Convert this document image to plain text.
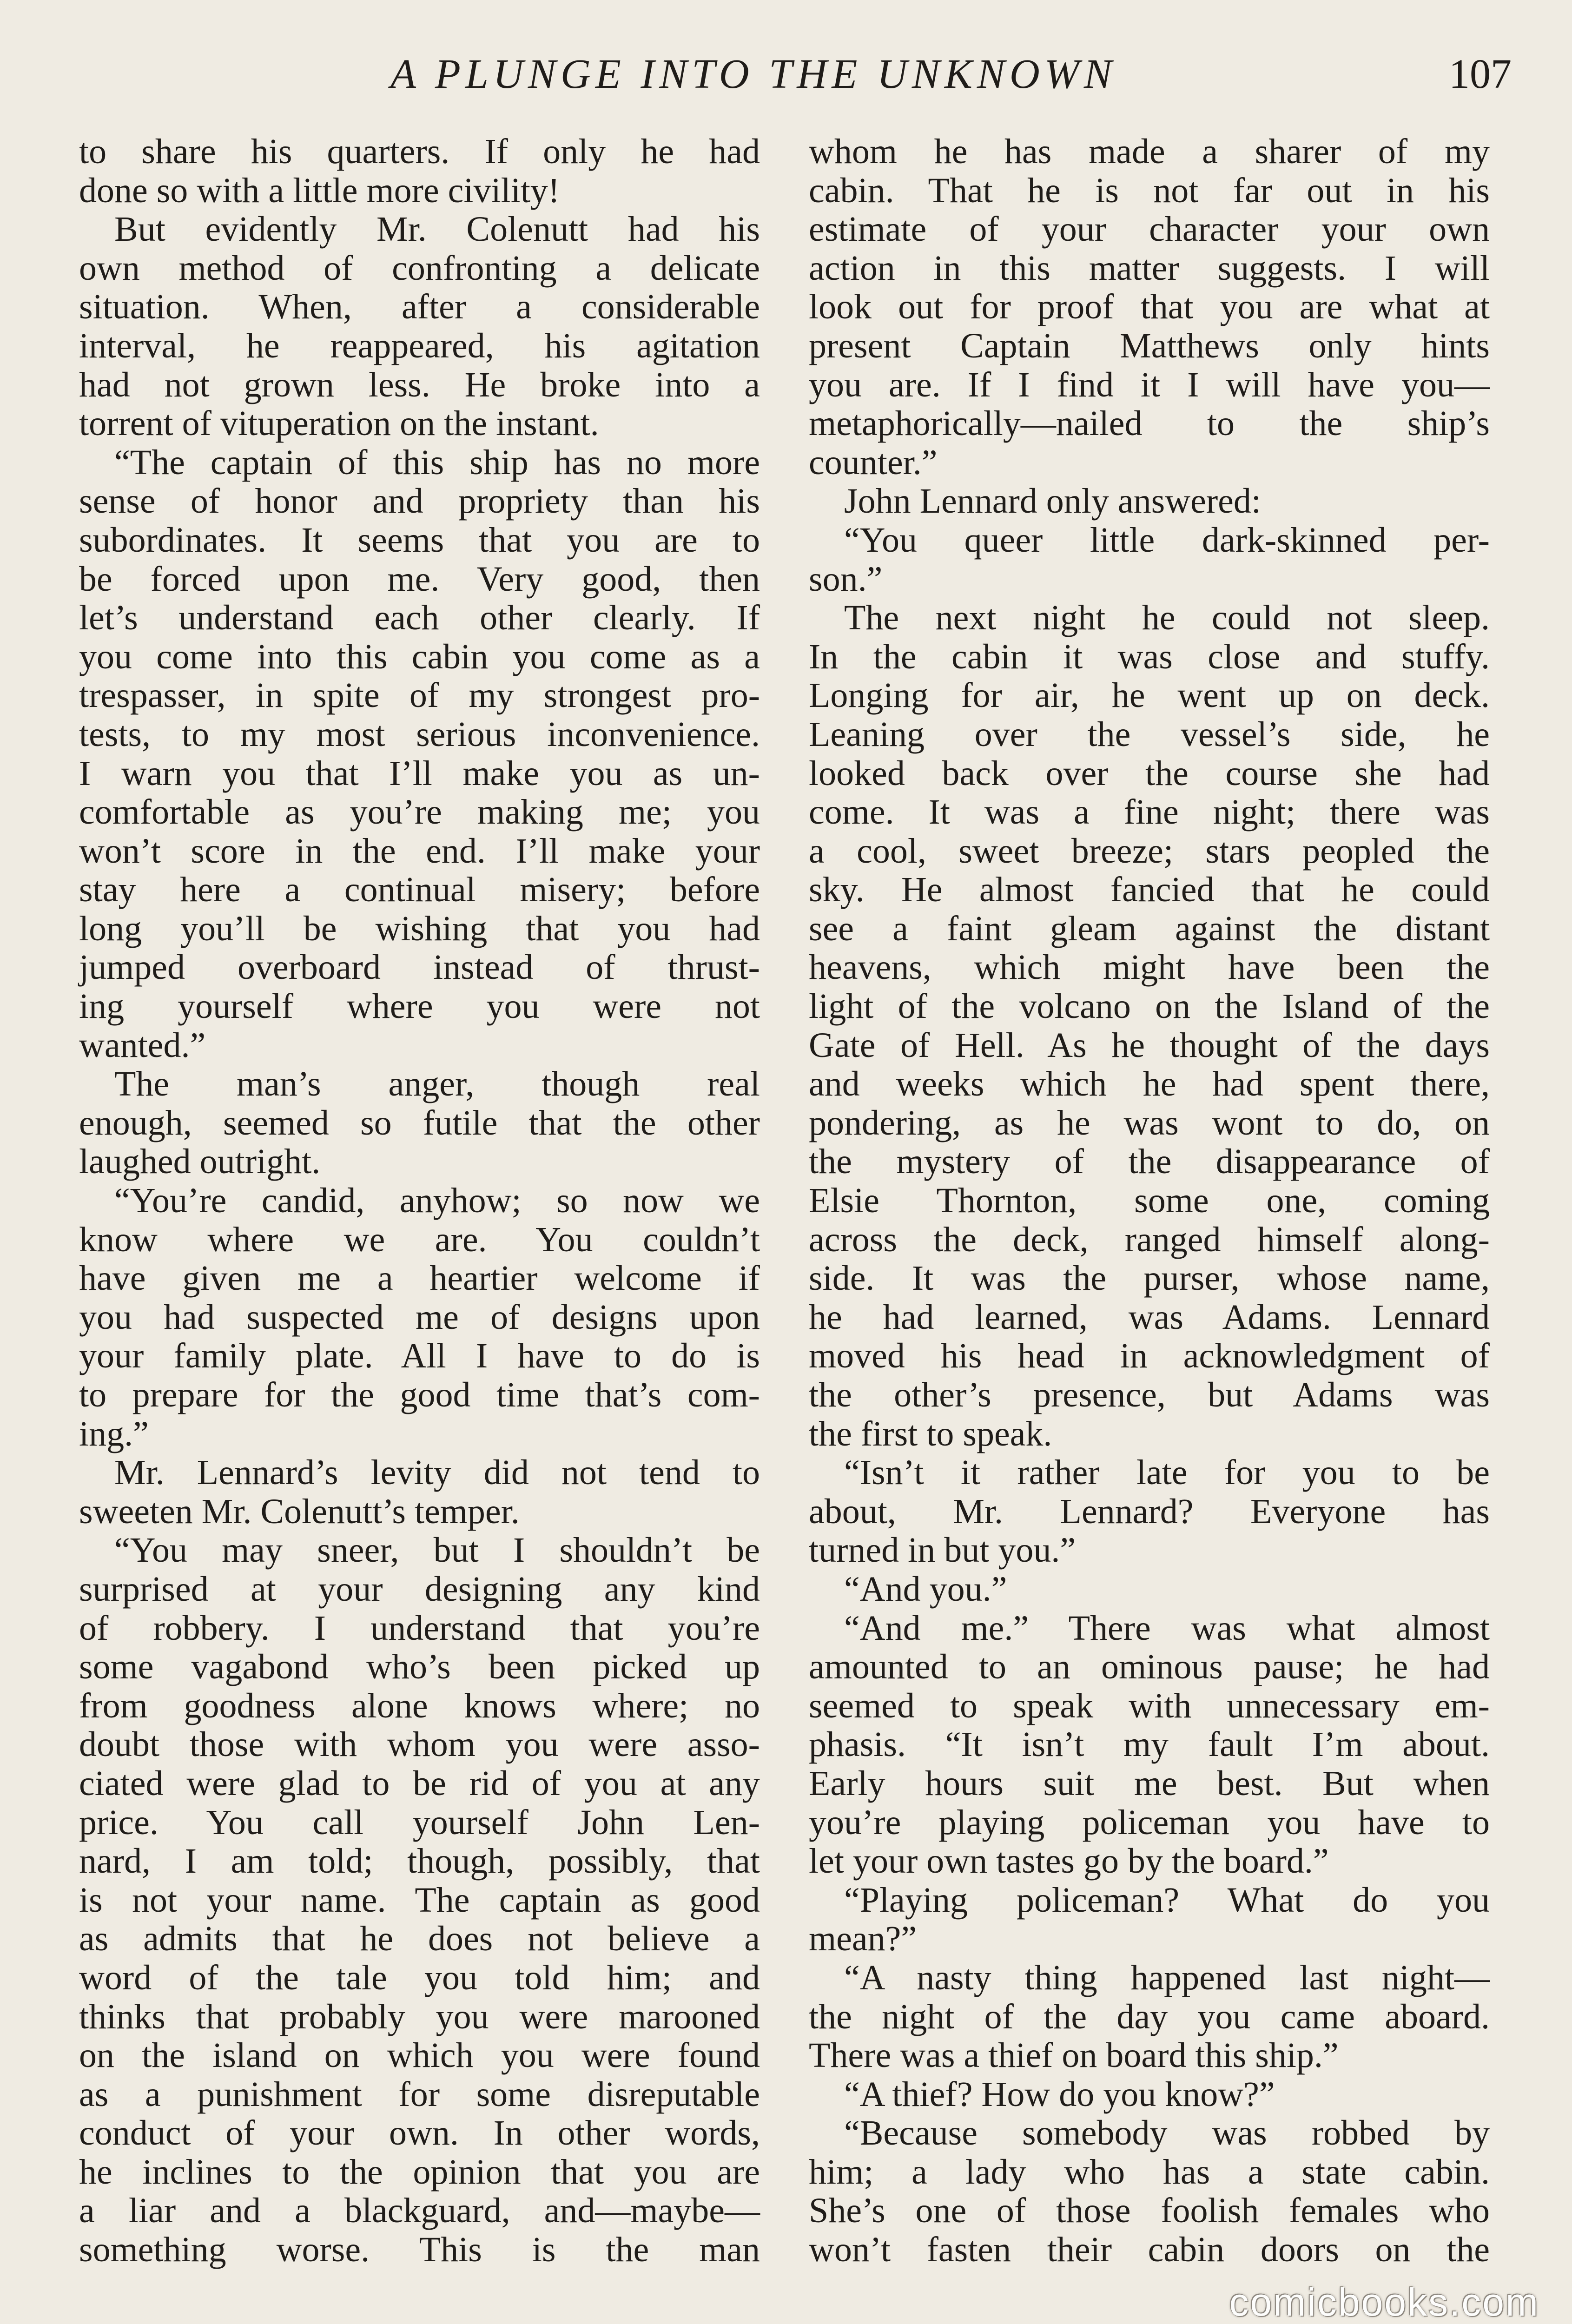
A PLUNGE INTO THE UNKNOWN	107
to share his quarters. If only he had
done so with a little more civility!
But evidently Mr. Colenutt had his
own method of confronting a delicate
situation. When, after a considerable
interval, he reappeared, his agitation
had not grown less. He broke into a
torrent of vituperation on the instant.
“The captain of this ship has no more
sense of honor and propriety than his
subordinates. It seems that you are to
be forced upon me. Very good, then
let’s understand each other clearly. If
you come into this cabin you come as a
trespasser, in spite of my strongest pro-
tests, to my most serious inconvenience.
I warn you that I’ll make you as un-
comfortable as you’re making me; you
won’t score in the end. I’ll make your
stay here a continual misery; before
long you’ll be wishing that you had
jumped overboard instead of thrust-
ing yourself where you were not
wanted.”
The man’s anger, though real
enough, seemed so futile that the other
laughed outright.
“You’re candid, anyhow; so now we
know where we are. You couldn’t
have given me a heartier welcome if
you had suspected me of designs upon
your family plate. All I have to do is
to prepare for the good time that’s com-
ing.”
Mr. Lennard’s levity did not tend to
sweeten Mr. Colenutt’s temper.
“You may sneer, but I shouldn’t be
surprised at your designing any kind
of robbery. I understand that you’re
some vagabond who’s been picked up
from goodness alone knows where; no
doubt those with whom you were asso-
ciated were glad to be rid of you at any
price. You call yourself John Len-
nard, I am told; though, possibly, that
is not your name. The captain as good
as admits that he does not believe a
word of the tale you told him; and
thinks that probably you were marooned
on the island on which you were found
as a punishment for some disreputable
conduct of your own. In other words,
he inclines to the opinion that you are
a liar and a blackguard, and—maybe—
something worse. This is the man
whom he has made a sharer of my
cabin. That he is not far out in his
estimate of your character your own
action in this matter suggests. I will
look out for proof that you are what at
present Captain Matthews only hints
you are. If I find it I will have you—
metaphorically—nailed to the ship’s
counter.”
John Lennard only answered:
“You queer little dark-skinned per-
son.”
The next night he could not sleep.
In the cabin it was close and stuffy.
Longing for air, he went up on deck.
Leaning over the vessel’s side, he
looked back over the course she had
come. It was a fine night; there was
a cool, sweet breeze; stars peopled the
sky. He almost fancied that he could
see a faint gleam against the distant
heavens, which might have been the
light of the volcano on the Island of the
Gate of Hell. As he thought of the days
and weeks which he had spent there,
pondering, as he was wont to do, on
the mystery of the disappearance of
Elsie Thornton, some one, coming
across the deck, ranged himself along-
side. It was the purser, whose name,
he had learned, was Adams. Lennard
moved his head in acknowledgment of
the other’s presence, but Adams was
the first to speak.
“Isn’t it rather late for you to be
about, Mr. Lennard? Everyone has
turned in but you.”
“And you.”
“And me.” There was what almost
amounted to an ominous pause; he had
seemed to speak with unnecessary em-
phasis. “It isn’t my fault I’m about.
Early hours suit me best. But when
you’re playing policeman you have to
let your own tastes go by the board.”
“Playing policeman? What do you
mean?”
“A nasty thing happened last night—
the night of the day you came aboard.
There was a thief on board this ship.”
“A thief? How do you know?”
“Because somebody was robbed by
him; a lady who has a state cabin.
She’s one of those foolish females who
won’t fasten their cabin doors on the
comicbooks.com
